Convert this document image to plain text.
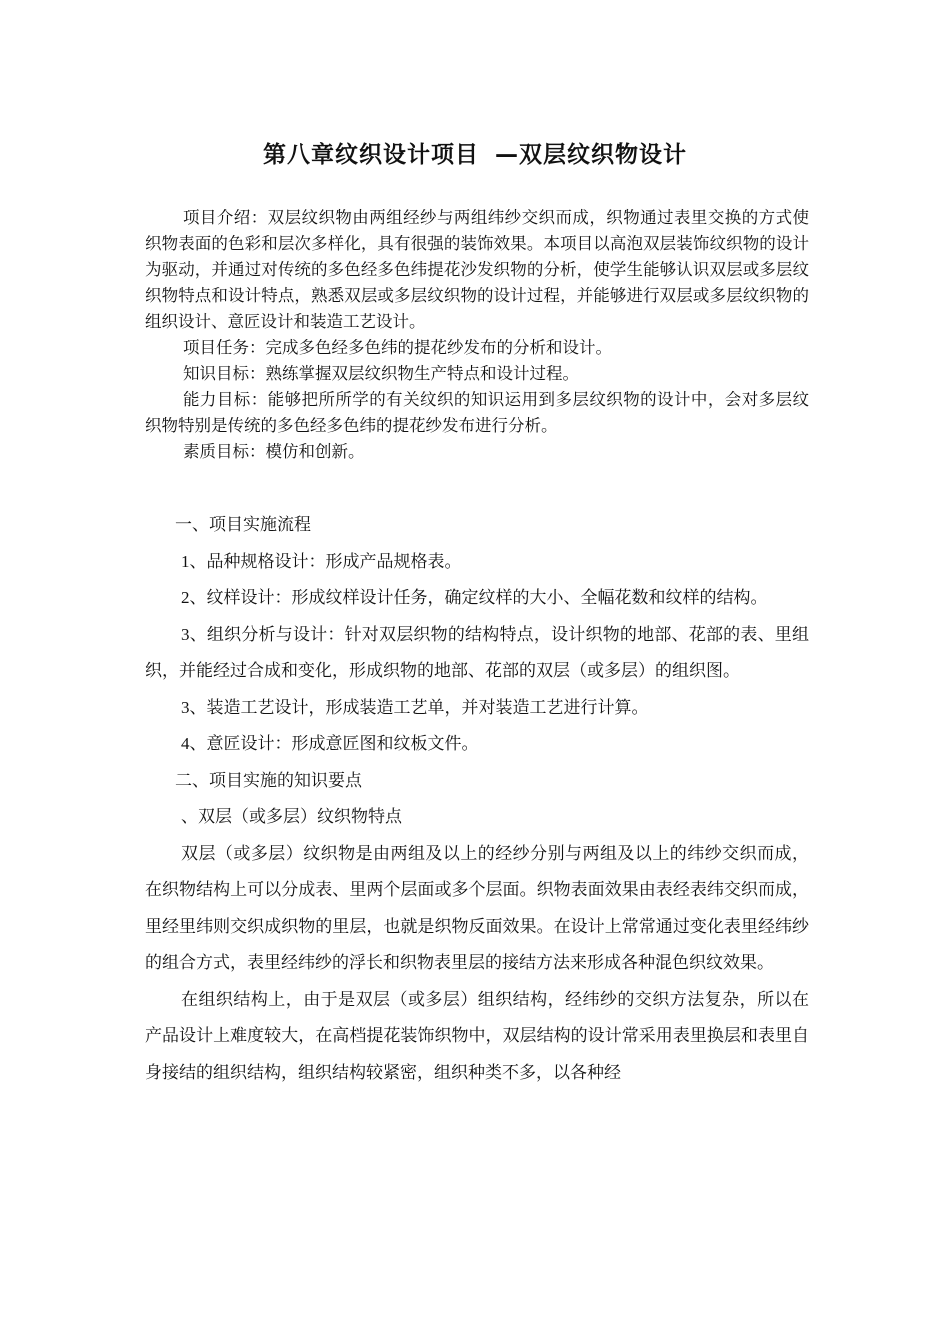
第八章纹织设计项目 —双层纹织物设计

项目介绍：双层纹织物由两组经纱与两组纬纱交织而成，织物通过表里交换的方式使织物表面的色彩和层次多样化，具有很强的装饰效果。本项目以高泡双层装饰纹织物的设计为驱动，并通过对传统的多色经多色纬提花沙发织物的分析，使学生能够认识双层或多层纹织物特点和设计特点，熟悉双层或多层纹织物的设计过程，并能够进行双层或多层纹织物的组织设计、意匠设计和装造工艺设计。

项目任务：完成多色经多色纬的提花纱发布的分析和设计。

知识目标：熟练掌握双层纹织物生产特点和设计过程。

能力目标：能够把所所学的有关纹织的知识运用到多层纹织物的设计中，会对多层纹织物特别是传统的多色经多色纬的提花纱发布进行分析。

素质目标：模仿和创新。

一、项目实施流程

1、品种规格设计：形成产品规格表。

2、纹样设计：形成纹样设计任务，确定纹样的大小、全幅花数和纹样的结构。

3、组织分析与设计：针对双层织物的结构特点，设计织物的地部、花部的表、里组织，并能经过合成和变化，形成织物的地部、花部的双层（或多层）的组织图。

3、装造工艺设计，形成装造工艺单，并对装造工艺进行计算。

4、意匠设计：形成意匠图和纹板文件。

二、项目实施的知识要点

、双层（或多层）纹织物特点

双层（或多层）纹织物是由两组及以上的经纱分别与两组及以上的纬纱交织而成，在织物结构上可以分成表、里两个层面或多个层面。织物表面效果由表经表纬交织而成，里经里纬则交织成织物的里层，也就是织物反面效果。在设计上常常通过变化表里经纬纱的组合方式，表里经纬纱的浮长和织物表里层的接结方法来形成各种混色织纹效果。

在组织结构上，由于是双层（或多层）组织结构，经纬纱的交织方法复杂，所以在产品设计上难度较大，在高档提花装饰织物中，双层结构的设计常采用表里换层和表里自身接结的组织结构，组织结构较紧密，组织种类不多，以各种经
